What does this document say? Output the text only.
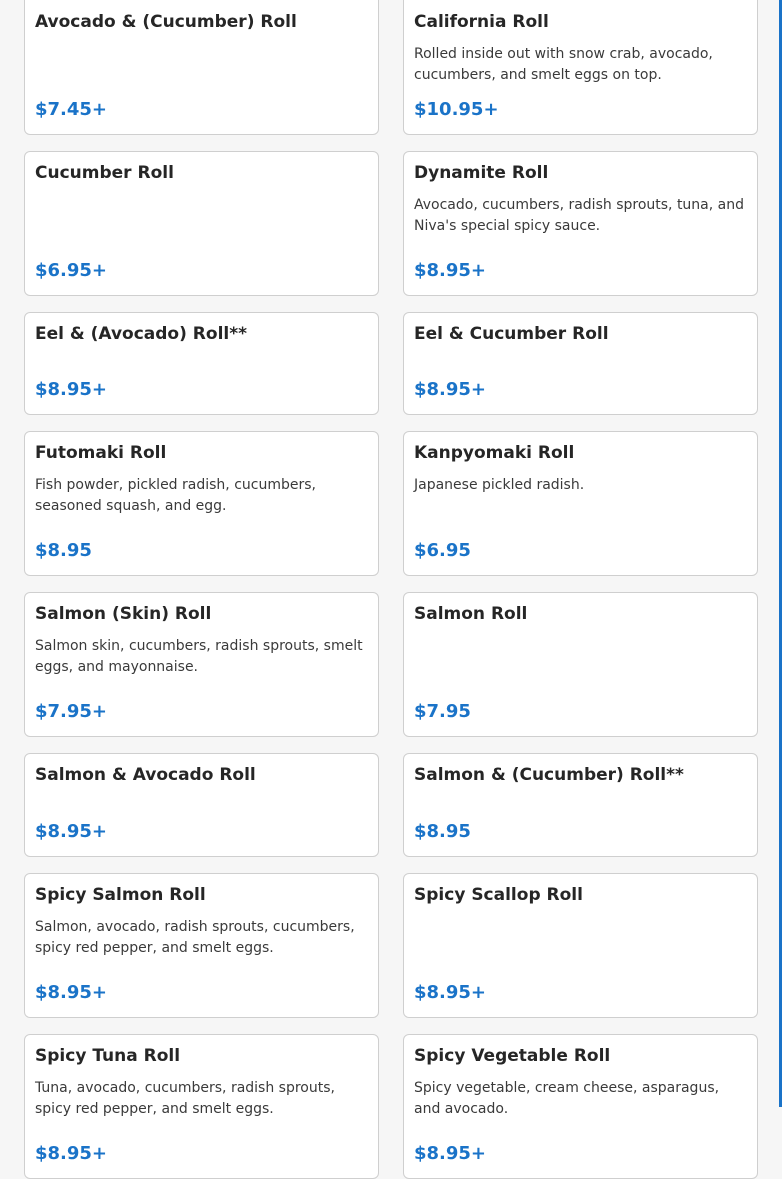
Avocado & (Cucumber) Roll
$7.45+
California Roll
Rolled inside out with snow crab, avocado, cucumbers, and smelt eggs on top.
$10.95+
Cucumber Roll
$6.95+
Dynamite Roll
Avocado, cucumbers, radish sprouts, tuna, and Niva's special spicy sauce.
$8.95+
Eel & (Avocado) Roll**
$8.95+
Eel & Cucumber Roll
$8.95+
Futomaki Roll
Fish powder, pickled radish, cucumbers, seasoned squash, and egg.
$8.95
Kanpyomaki Roll
Japanese pickled radish.
$6.95
Salmon (Skin) Roll
Salmon skin, cucumbers, radish sprouts, smelt eggs, and mayonnaise.
$7.95+
Salmon Roll
$7.95
Salmon & Avocado Roll
$8.95+
Salmon & (Cucumber) Roll**
$8.95
Spicy Salmon Roll
Salmon, avocado, radish sprouts, cucumbers, spicy red pepper, and smelt eggs.
$8.95+
Spicy Scallop Roll
$8.95+
Spicy Tuna Roll
Tuna, avocado, cucumbers, radish sprouts, spicy red pepper, and smelt eggs.
$8.95+
Spicy Vegetable Roll
Spicy vegetable, cream cheese, asparagus, and avocado.
$8.95+
